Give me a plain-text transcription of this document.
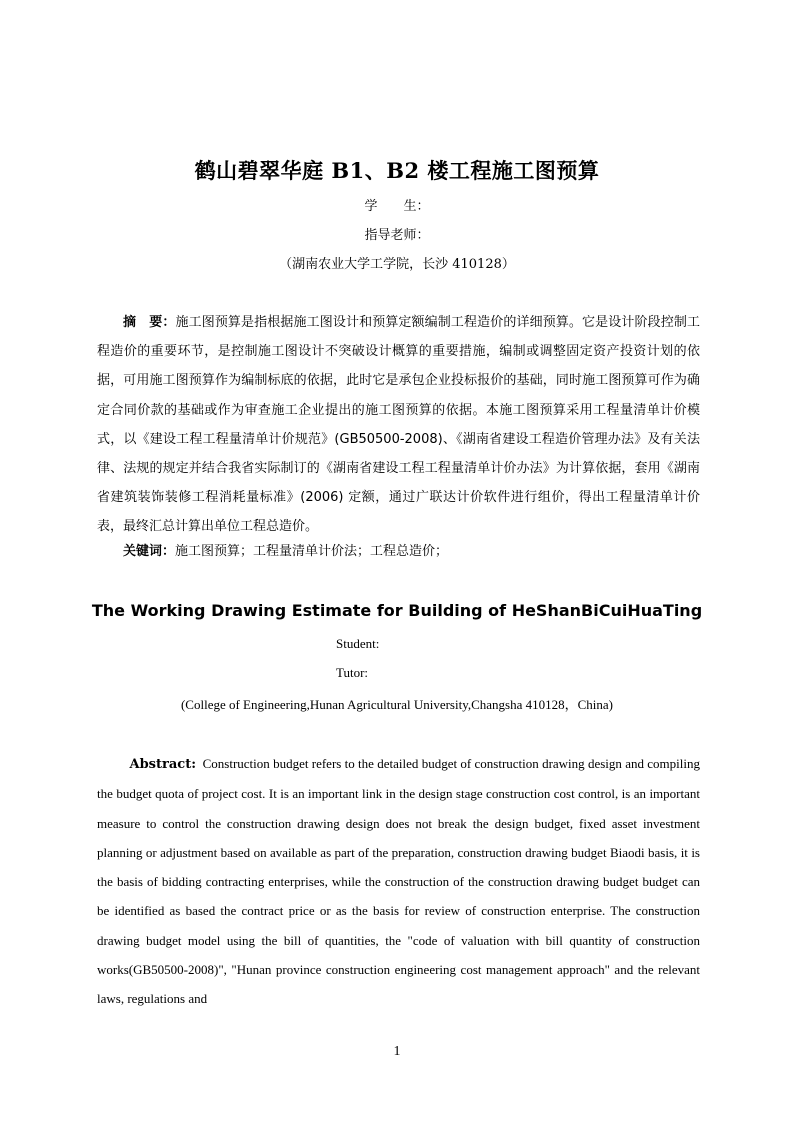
鹤山碧翠华庭 B1、B2 楼工程施工图预算
学　　生：
指导老师：
（湖南农业大学工学院，长沙 410128）
摘　要：施工图预算是指根据施工图设计和预算定额编制工程造价的详细预算。它是设计阶段控制工程造价的重要环节，是控制施工图设计不突破设计概算的重要措施，编制或调整固定资产投资计划的依据，可用施工图预算作为编制标底的依据，此时它是承包企业投标报价的基础，同时施工图预算可作为确定合同价款的基础或作为审查施工企业提出的施工图预算的依据。本施工图预算采用工程量清单计价模式，以《建设工程工程量清单计价规范》(GB50500-2008)、《湖南省建设工程造价管理办法》及有关法律、法规的规定并结合我省实际制订的《湖南省建设工程工程量清单计价办法》为计算依据，套用《湖南省建筑装饰装修工程消耗量标准》(2006) 定额，通过广联达计价软件进行组价，得出工程量清单计价表，最终汇总计算出单位工程总造价。
关键词：施工图预算；工程量清单计价法；工程总造价；
The Working Drawing Estimate for Building of HeShanBiCuiHuaTing
Student:
Tutor:
(College of Engineering,Hunan Agricultural University,Changsha 410128，China)
Abstract: Construction budget refers to the detailed budget of construction drawing design and compiling the budget quota of project cost. It is an important link in the design stage construction cost control, is an important measure to control the construction drawing design does not break the design budget, fixed asset investment planning or adjustment based on available as part of the preparation, construction drawing budget Biaodi basis, it is the basis of bidding contracting enterprises, while the construction of the construction drawing budget budget can be identified as based the contract price or as the basis for review of construction enterprise. The construction drawing budget model using the bill of quantities, the "code of valuation with bill quantity of construction works(GB50500-2008)", "Hunan province construction engineering cost management approach" and the relevant laws, regulations and
1
